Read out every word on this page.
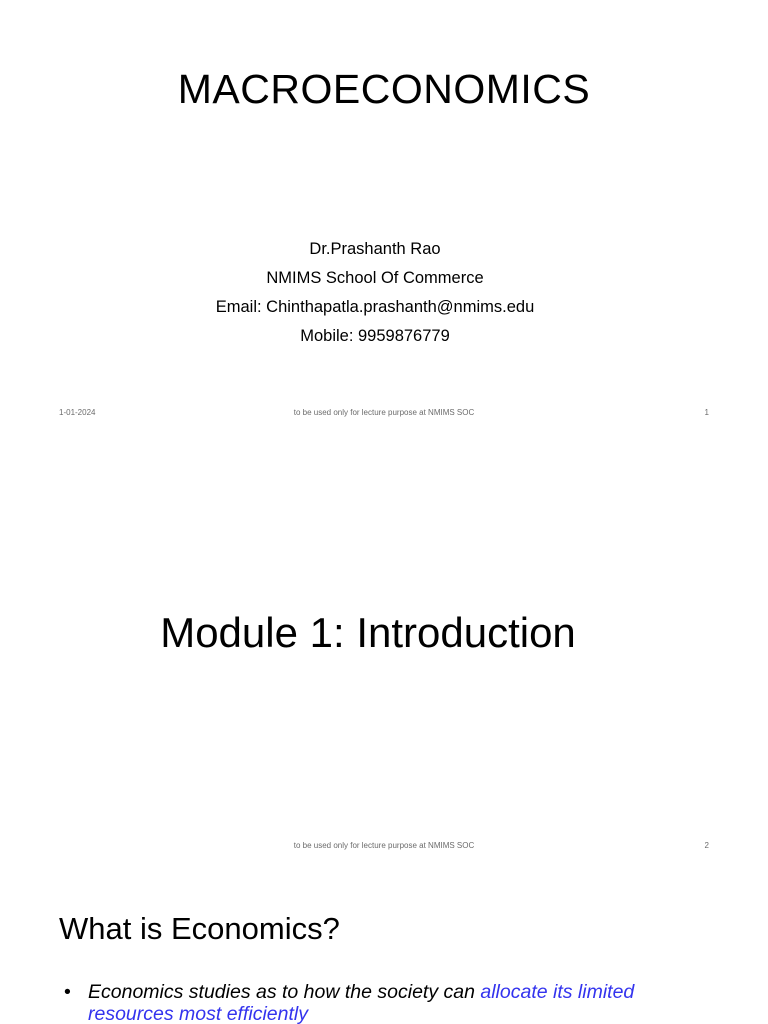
MACROECONOMICS
Dr.Prashanth Rao
NMIMS School Of Commerce
Email: Chinthapatla.prashanth@nmims.edu
Mobile: 9959876779
1-01-2024	to be used only for lecture purpose at NMIMS SOC	1
Module 1: Introduction
to be used only for lecture purpose at NMIMS SOC	2
What is Economics?
• Economics studies as to how the society can allocate its limited resources most efficiently
